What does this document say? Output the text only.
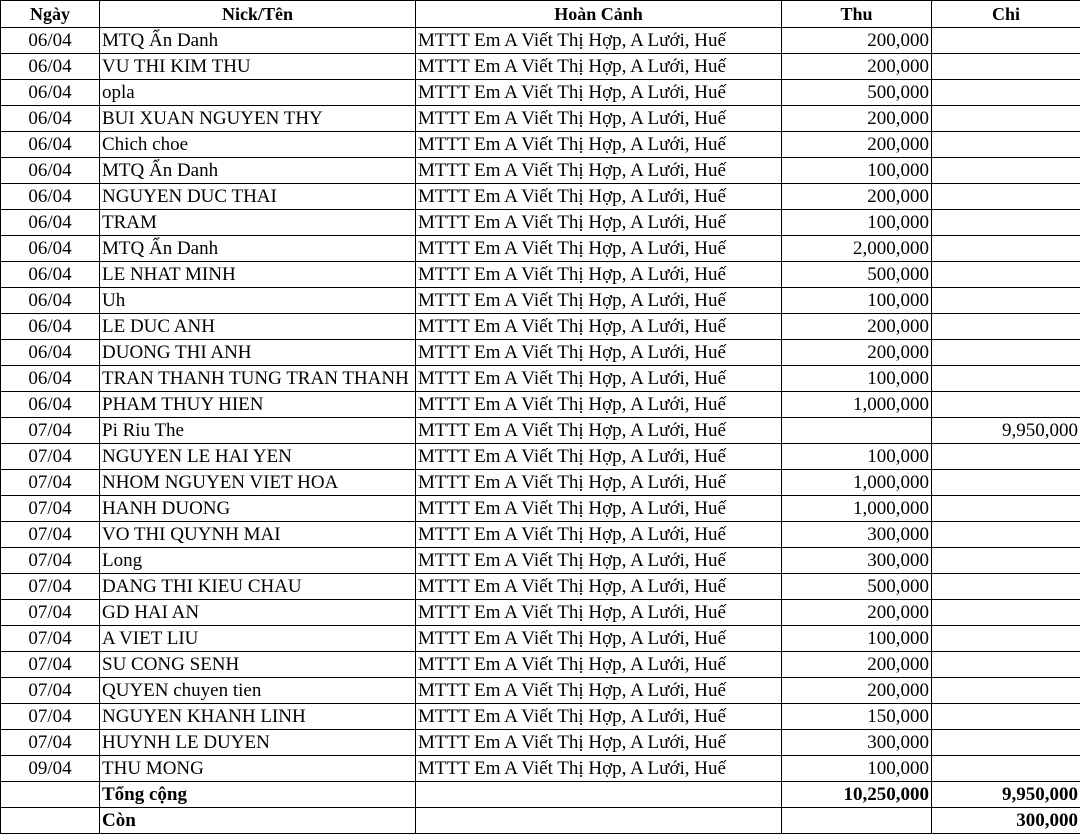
Ngày	Nick/Tên	Hoàn Cảnh	Thu	Chi
06/04	MTQ Ẩn Danh	MTTT Em A Viết Thị Hợp, A Lưới, Huế	200,000	
06/04	VU THI KIM THU	MTTT Em A Viết Thị Hợp, A Lưới, Huế	200,000	
06/04	opla	MTTT Em A Viết Thị Hợp, A Lưới, Huế	500,000	
06/04	BUI XUAN NGUYEN THY	MTTT Em A Viết Thị Hợp, A Lưới, Huế	200,000	
06/04	Chich choe	MTTT Em A Viết Thị Hợp, A Lưới, Huế	200,000	
06/04	MTQ Ẩn Danh	MTTT Em A Viết Thị Hợp, A Lưới, Huế	100,000	
06/04	NGUYEN DUC THAI	MTTT Em A Viết Thị Hợp, A Lưới, Huế	200,000	
06/04	TRAM	MTTT Em A Viết Thị Hợp, A Lưới, Huế	100,000	
06/04	MTQ Ẩn Danh	MTTT Em A Viết Thị Hợp, A Lưới, Huế	2,000,000	
06/04	LE NHAT MINH	MTTT Em A Viết Thị Hợp, A Lưới, Huế	500,000	
06/04	Uh	MTTT Em A Viết Thị Hợp, A Lưới, Huế	100,000	
06/04	LE DUC ANH	MTTT Em A Viết Thị Hợp, A Lưới, Huế	200,000	
06/04	DUONG THI ANH	MTTT Em A Viết Thị Hợp, A Lưới, Huế	200,000	
06/04	TRAN THANH TUNG TRAN THANH	MTTT Em A Viết Thị Hợp, A Lưới, Huế	100,000	
06/04	PHAM THUY HIEN	MTTT Em A Viết Thị Hợp, A Lưới, Huế	1,000,000	
07/04	Pi Riu The	MTTT Em A Viết Thị Hợp, A Lưới, Huế		9,950,000
07/04	NGUYEN LE HAI YEN	MTTT Em A Viết Thị Hợp, A Lưới, Huế	100,000	
07/04	NHOM NGUYEN VIET HOA	MTTT Em A Viết Thị Hợp, A Lưới, Huế	1,000,000	
07/04	HANH DUONG	MTTT Em A Viết Thị Hợp, A Lưới, Huế	1,000,000	
07/04	VO THI QUYNH MAI	MTTT Em A Viết Thị Hợp, A Lưới, Huế	300,000	
07/04	Long	MTTT Em A Viết Thị Hợp, A Lưới, Huế	300,000	
07/04	DANG THI KIEU CHAU	MTTT Em A Viết Thị Hợp, A Lưới, Huế	500,000	
07/04	GD HAI AN	MTTT Em A Viết Thị Hợp, A Lưới, Huế	200,000	
07/04	A VIET LIU	MTTT Em A Viết Thị Hợp, A Lưới, Huế	100,000	
07/04	SU CONG SENH	MTTT Em A Viết Thị Hợp, A Lưới, Huế	200,000	
07/04	QUYEN chuyen tien	MTTT Em A Viết Thị Hợp, A Lưới, Huế	200,000	
07/04	NGUYEN KHANH LINH	MTTT Em A Viết Thị Hợp, A Lưới, Huế	150,000	
07/04	HUYNH LE DUYEN	MTTT Em A Viết Thị Hợp, A Lưới, Huế	300,000	
09/04	THU MONG	MTTT Em A Viết Thị Hợp, A Lưới, Huế	100,000	
	Tổng cộng		10,250,000	9,950,000
	Còn			300,000
